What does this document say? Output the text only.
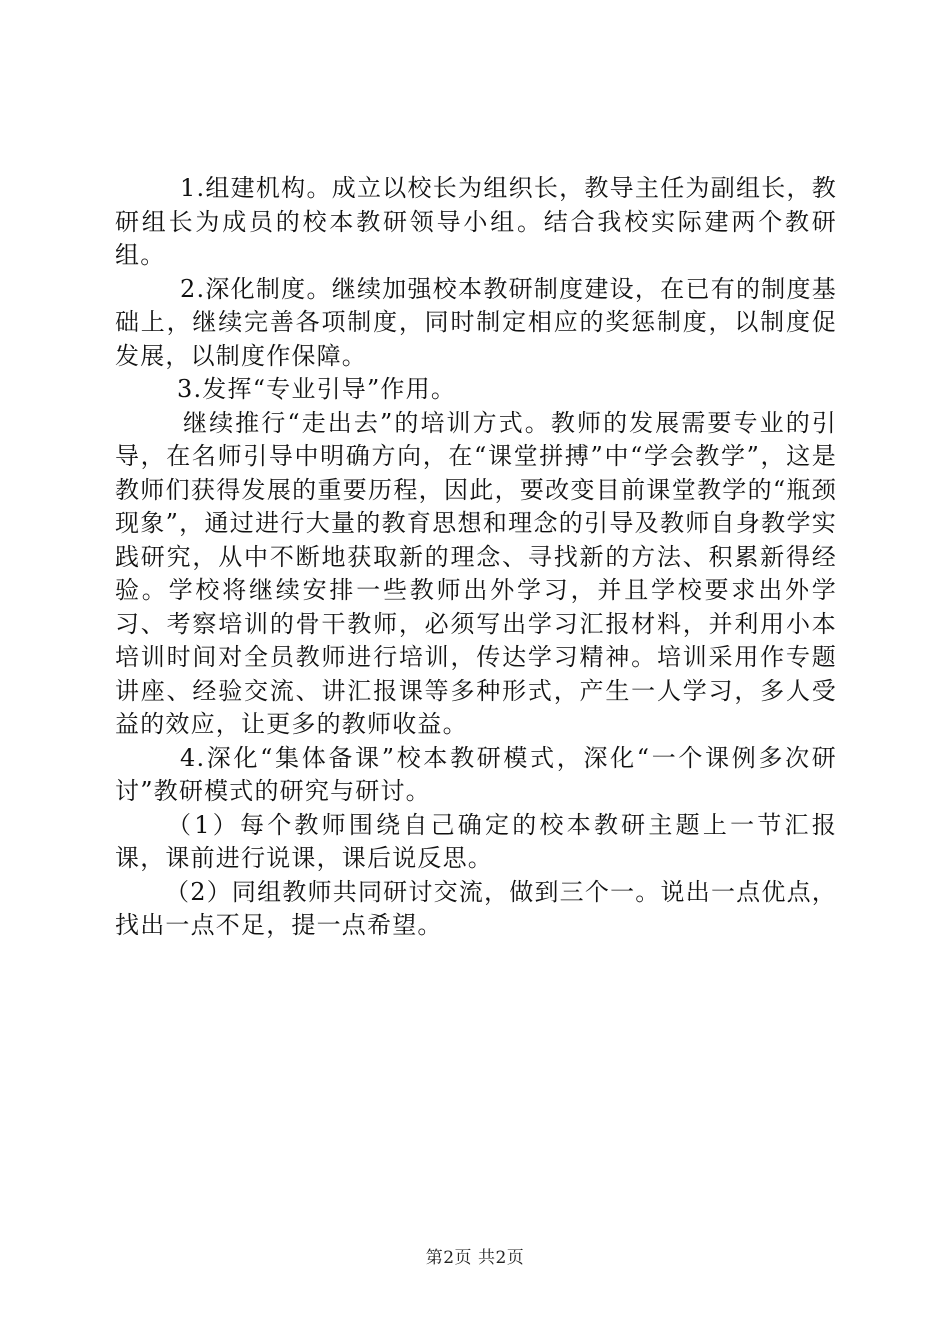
1.组建机构。成立以校长为组织长，教导主任为副组长，教研组长为成员的校本教研领导小组。结合我校实际建两个教研组。

2.深化制度。继续加强校本教研制度建设，在已有的制度基础上，继续完善各项制度，同时制定相应的奖惩制度，以制度促发展，以制度作保障。

3.发挥“专业引导”作用。

继续推行“走出去”的培训方式。教师的发展需要专业的引导，在名师引导中明确方向，在“课堂拼搏”中“学会教学”，这是教师们获得发展的重要历程，因此，要改变目前课堂教学的“瓶颈现象”，通过进行大量的教育思想和理念的引导及教师自身教学实践研究，从中不断地获取新的理念、寻找新的方法、积累新得经验。学校将继续安排一些教师出外学习，并且学校要求出外学习、考察培训的骨干教师，必须写出学习汇报材料，并利用小本培训时间对全员教师进行培训，传达学习精神。培训采用作专题讲座、经验交流、讲汇报课等多种形式，产生一人学习，多人受益的效应，让更多的教师收益。

4.深化“集体备课”校本教研模式，深化“一个课例多次研讨”教研模式的研究与研讨。

（1）每个教师围绕自己确定的校本教研主题上一节汇报课，课前进行说课，课后说反思。

（2）同组教师共同研讨交流，做到三个一。说出一点优点，找出一点不足，提一点希望。

第2页 共2页
